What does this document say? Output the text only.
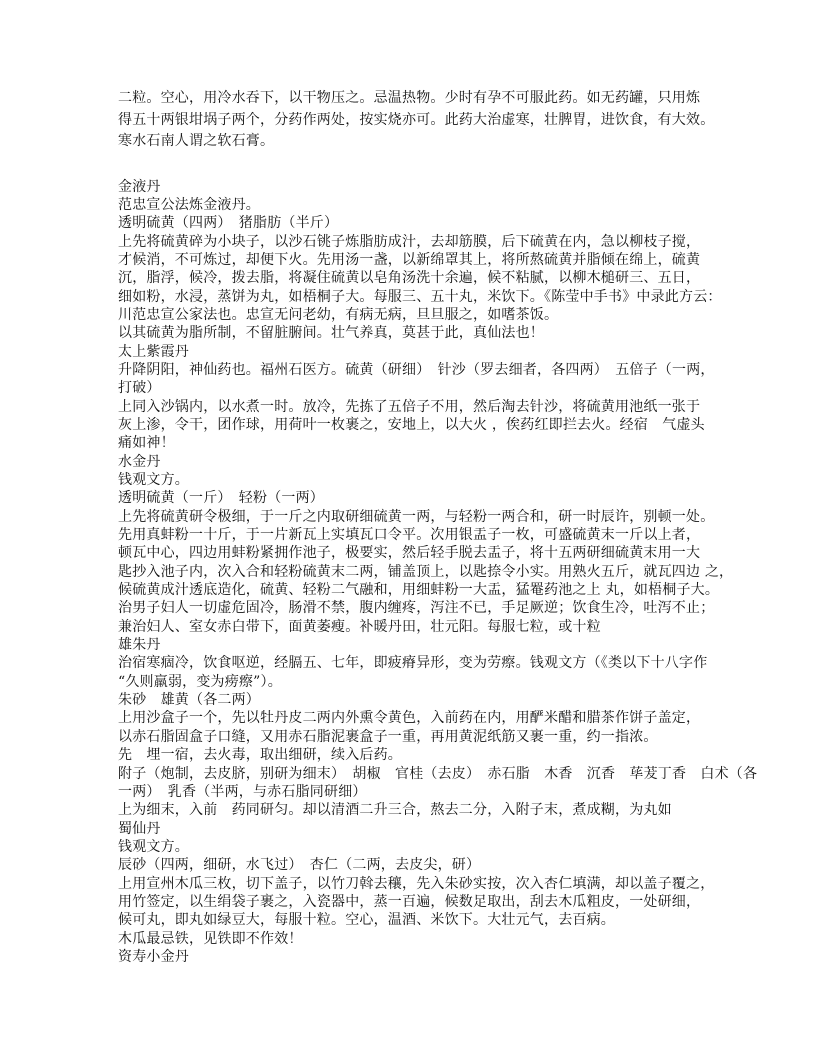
二粒。空心，用冷水吞下，以干物压之。忌温热物。少时有孕不可服此药。如无药罐，只用炼
得五十两银坩埚子两个，分药作两处，按实烧亦可。此药大治虚寒，壮脾胃，进饮食，有大效。
寒水石南人谓之软石膏。
金液丹
范忠宣公法炼金液丹。
透明硫黄（四两）　猪脂肪（半斤）
上先将硫黄碎为小块子，以沙石铫子炼脂肪成汁，去却筋膜，后下硫黄在内，急以柳枝子搅，
才候消，不可炼过，却便下火。先用汤一盏，以新绵罩其上，将所熬硫黄并脂倾在绵上，硫黄
沉，脂浮，候冷，拨去脂，将凝住硫黄以皂角汤洗十余遍，候不粘腻，以柳木槌研三、五日，
细如粉，水浸，蒸饼为丸，如梧桐子大。每服三、五十丸，米饮下。《陈莹中手书》中录此方云：
川范忠宣公家法也。忠宣无问老幼，有病无病，旦旦服之，如嗜茶饭。
以其硫黄为脂所制，不留脏腑间。壮气养真，莫甚于此，真仙法也！
太上紫霞丹
升降阴阳，神仙药也。福州石医方。硫黄（研细）　针沙（罗去细者，各四两）　五倍子（一两，
打破）
上同入沙锅内，以水煮一时。放冷，先拣了五倍子不用，然后淘去针沙，将硫黄用池纸一张于
灰上渗，令干，团作球，用荷叶一枚裹之，安地上，以大火 ，俟药红即拦去火。经宿　气虚头
痛如神！
水金丹
钱观文方。
透明硫黄（一斤）　轻粉（一两）
上先将硫黄研令极细，于一斤之内取研细硫黄一两，与轻粉一两合和，研一时辰许，别顿一处。
先用真蚌粉一十斤，于一片新瓦上实填瓦口令平。次用银盂子一枚，可盛硫黄末一斤以上者，
顿瓦中心，四边用蚌粉紧拥作池子，极要实，然后轻手脱去盂子，将十五两研细硫黄末用一大
匙抄入池子内，次入合和轻粉硫黄末二两，铺盖顶上，以匙捺令小实。用熟火五斤，就瓦四边 之，
候硫黄成汁透底造化，硫黄、轻粉二气融和，用细蚌粉一大盂，猛罨药池之上 丸，如梧桐子大。
治男子妇人一切虚危固冷，肠滑不禁，腹内缠疼，泻注不已，手足厥逆；饮食生冷，吐泻不止；
兼治妇人、室女赤白带下，面黄萎瘦。补暖丹田，壮元阳。每服七粒，或十粒
雄朱丹
治宿寒痼冷，饮食呕逆，经膈五、七年，即疲瘠异形，变为劳瘵。钱观文方（《类以下十八字作
“久则羸弱，变为痨瘵”）。
朱砂　雄黄（各二两）
上用沙盒子一个，先以牡丹皮二两内外熏令黄色，入前药在内，用酽米醋和腊茶作饼子盖定，
以赤石脂固盒子口缝，又用赤石脂泥裹盒子一重，再用黄泥纸筋又裹一重，约一指浓。
先　埋一宿，去火毒，取出细研，续入后药。
附子（炮制，去皮脐，别研为细末）　胡椒　官桂（去皮）　赤石脂　木香　沉香　荜茇丁香　白术（各
一两）　乳香（半两，与赤石脂同研细）
上为细末，入前　药同研匀。却以清酒二升三合，熬去二分，入附子末，煮成糊，为丸如
蜀仙丹
钱观文方。
辰砂（四两，细研，水飞过）　杏仁（二两，去皮尖，研）
上用宣州木瓜三枚，切下盖子，以竹刀斡去穰，先入朱砂实按，次入杏仁填满，却以盖子覆之，
用竹签定，以生绢袋子裹之，入瓷器中，蒸一百遍，候数足取出，刮去木瓜粗皮，一处研细，
候可丸，即丸如绿豆大，每服十粒。空心，温酒、米饮下。大壮元气，去百病。
木瓜最忌铁，见铁即不作效！
资寿小金丹
